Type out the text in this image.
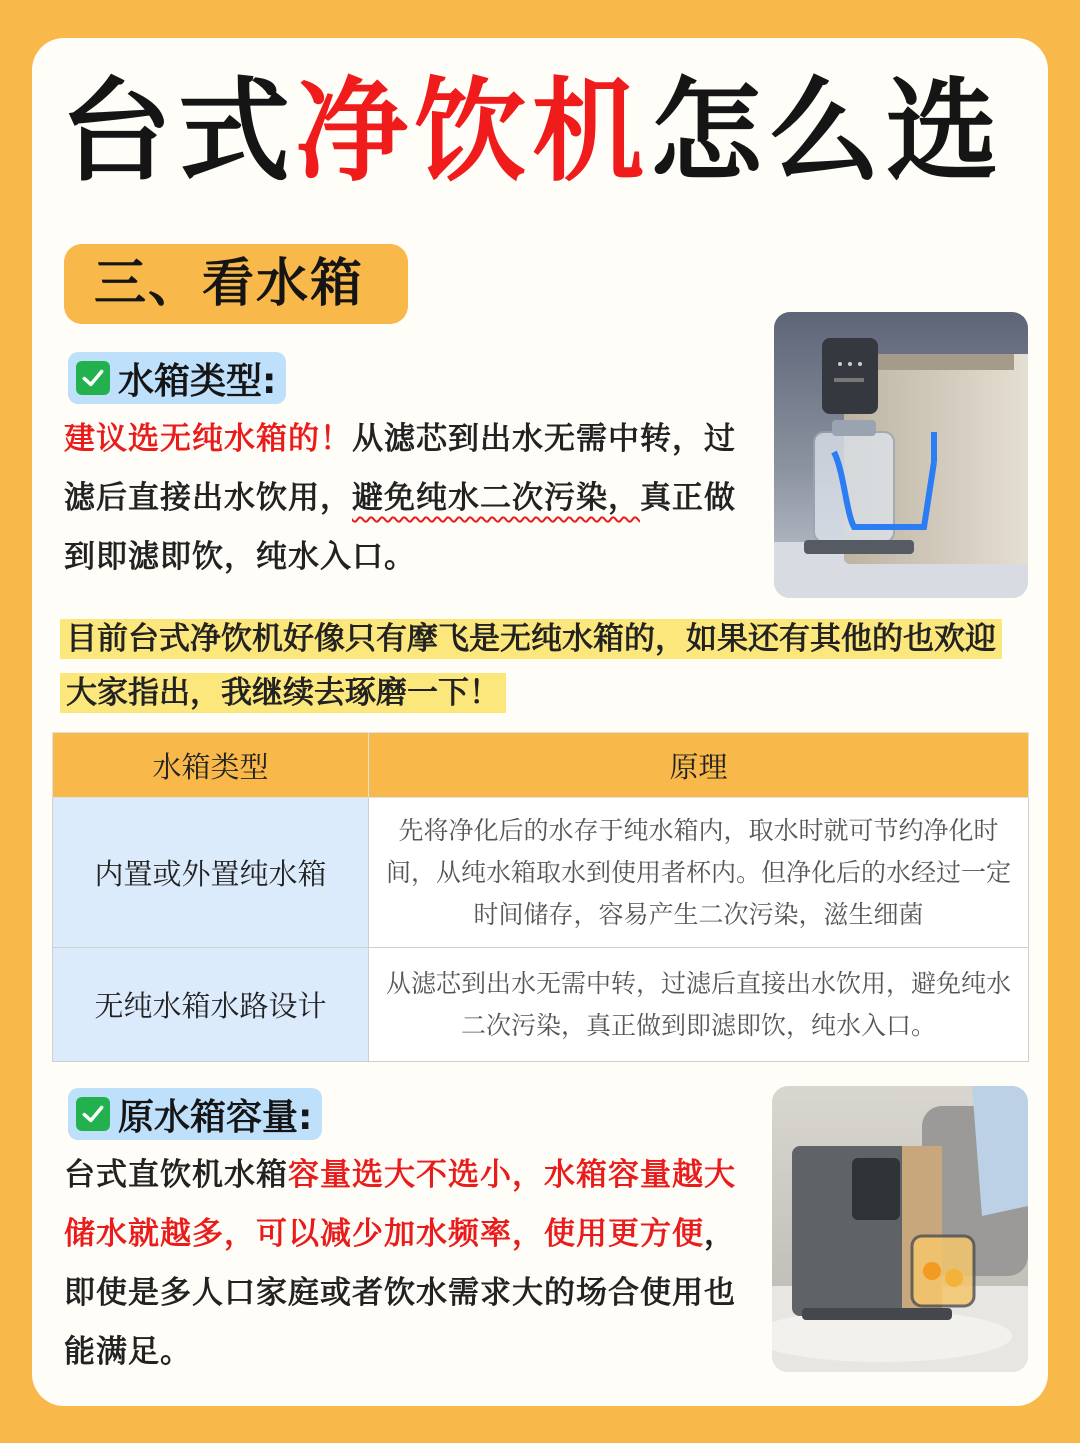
台式净饮机怎么选
三、看水箱
水箱类型:
建议选无纯水箱的！从滤芯到出水无需中转，过滤后直接出水饮用，避免纯水二次污染，真正做到即滤即饮，纯水入口。
目前台式净饮机好像只有摩飞是无纯水箱的，如果还有其他的也欢迎大家指出，我继续去琢磨一下！
水箱类型	原理
内置或外置纯水箱	先将净化后的水存于纯水箱内，取水时就可节约净化时间，从纯水箱取水到使用者杯内。但净化后的水经过一定时间储存，容易产生二次污染，滋生细菌
无纯水箱水路设计	从滤芯到出水无需中转，过滤后直接出水饮用，避免纯水二次污染，真正做到即滤即饮，纯水入口。
原水箱容量:
台式直饮机水箱容量选大不选小，水箱容量越大储水就越多，可以减少加水频率，使用更方便，即使是多人口家庭或者饮水需求大的场合使用也能满足。
